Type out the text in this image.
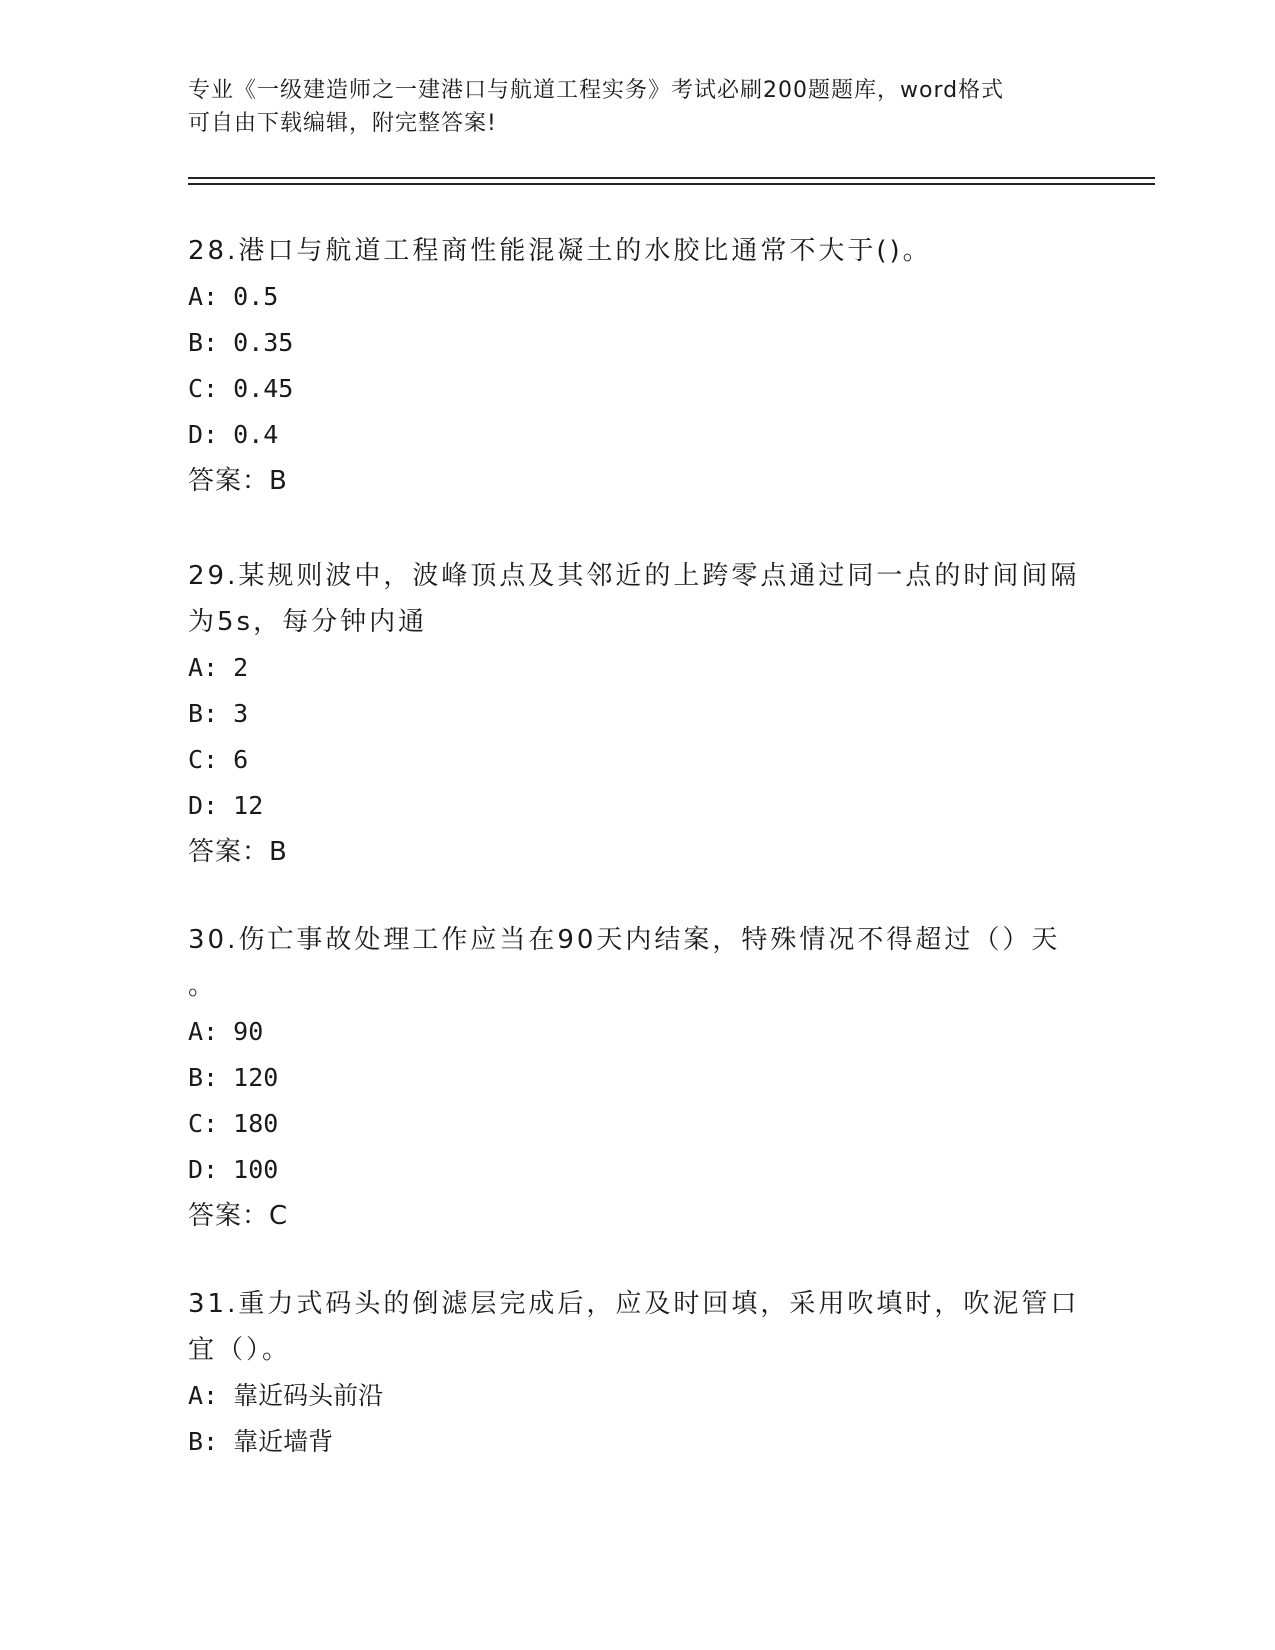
专业《一级建造师之一建港口与航道工程实务》考试必刷200题题库，word格式
可自由下载编辑，附完整答案!

28.港口与航道工程商性能混凝土的水胶比通常不大于()。

A: 0.5

B: 0.35

C: 0.45

D: 0.4

答案：B

29.某规则波中，波峰顶点及其邻近的上跨零点通过同一点的时间间隔

为5s，每分钟内通

A: 2

B: 3

C: 6

D: 12

答案：B

30.伤亡事故处理工作应当在90天内结案，特殊情况不得超过（）天

。

A: 90

B: 120

C: 180

D: 100

答案：C

31.重力式码头的倒滤层完成后，应及时回填，采用吹填时，吹泥管口

宜（）。

A: 靠近码头前沿

B: 靠近墙背
